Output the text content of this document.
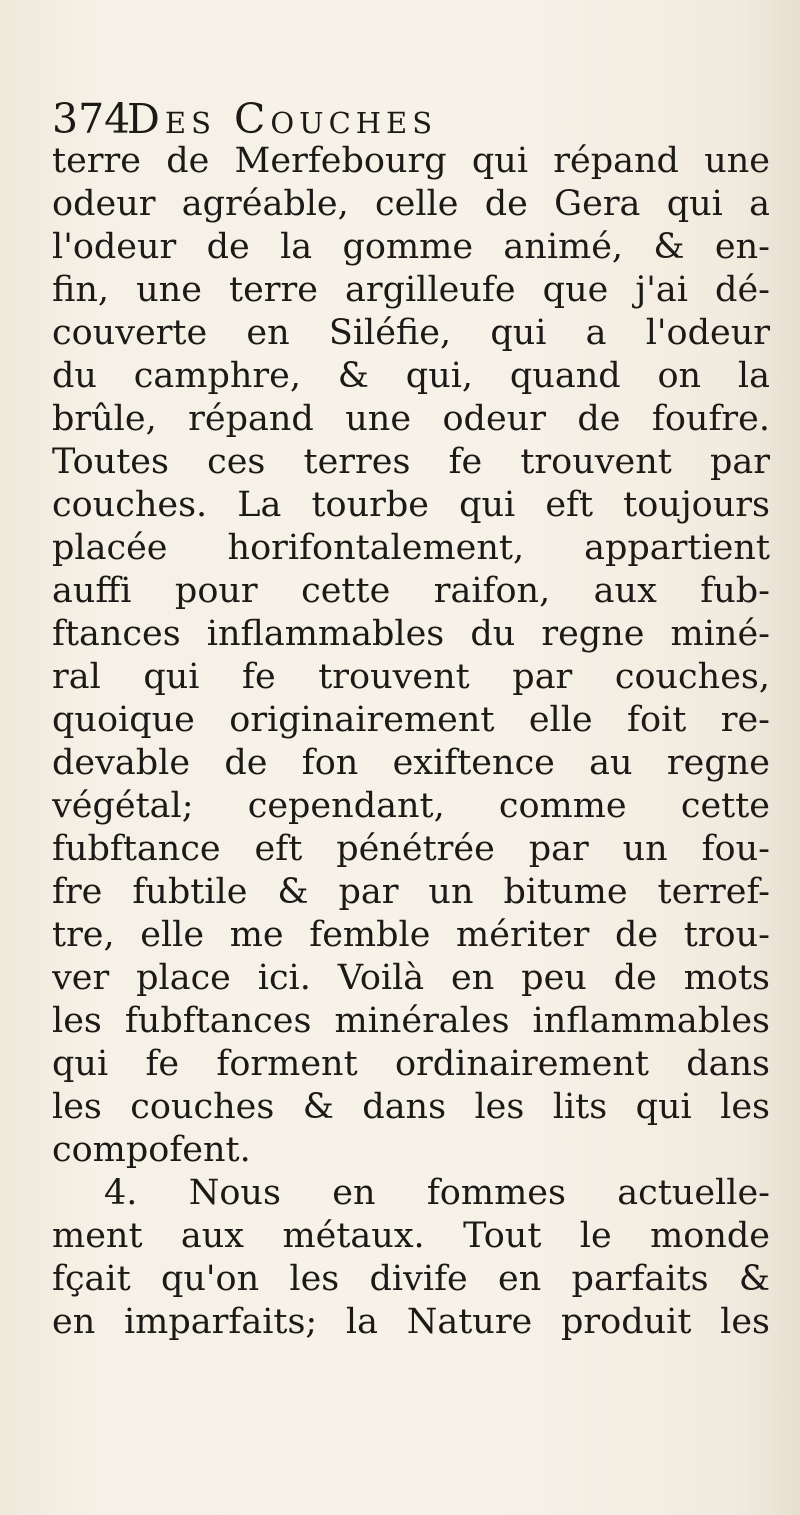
374 Des Couches
terre de Merfebourg qui répand une
odeur agréable, celle de Gera qui a
l'odeur de la gomme animé, & en-
fin, une terre argilleufe que j'ai dé-
couverte en Siléfie, qui a l'odeur
du camphre, & qui, quand on la
brûle, répand une odeur de foufre.
Toutes ces terres fe trouvent par
couches. La tourbe qui eft toujours
placée horifontalement, appartient
auffi pour cette raifon, aux fub-
ftances inflammables du regne miné-
ral qui fe trouvent par couches,
quoique originairement elle foit re-
devable de fon exiftence au regne
végétal; cependant, comme cette
fubftance eft pénétrée par un fou-
fre fubtile & par un bitume terref-
tre, elle me femble mériter de trou-
ver place ici. Voilà en peu de mots
les fubftances minérales inflammables
qui fe forment ordinairement dans
les couches & dans les lits qui les
compofent.
4. Nous en fommes actuelle-
ment aux métaux. Tout le monde
fçait qu'on les divife en parfaits &
en imparfaits; la Nature produit les
